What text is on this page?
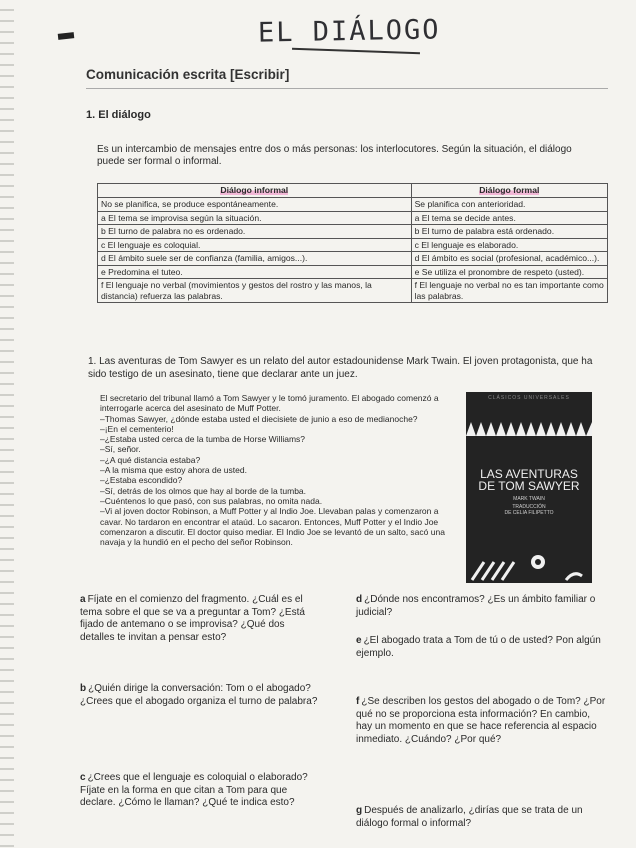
EL DIÁLOGO
Comunicación escrita [Escribir]
1. El diálogo
Es un intercambio de mensajes entre dos o más personas: los interlocutores. Según la situación, el diálogo puede ser formal o informal.
Diálogo informal	Diálogo formal
No se planifica, se produce espontáneamente.	Se planifica con anterioridad.
a El tema se improvisa según la situación.	a El tema se decide antes.
b El turno de palabra no es ordenado.	b El turno de palabra está ordenado.
c El lenguaje es coloquial.	c El lenguaje es elaborado.
d El ámbito suele ser de confianza (familia, amigos...).	d El ámbito es social (profesional, académico...).
e Predomina el tuteo.	e Se utiliza el pronombre de respeto (usted).
f El lenguaje no verbal (movimientos y gestos del rostro y las manos, la distancia) refuerza las palabras.	f El lenguaje no verbal no es tan importante como las palabras.
1. Las aventuras de Tom Sawyer es un relato del autor estadounidense Mark Twain. El joven protagonista, que ha sido testigo de un asesinato, tiene que declarar ante un juez.

El secretario del tribunal llamó a Tom Sawyer y le tomó juramento. El abogado comenzó a interrogarle acerca del asesinato de Muff Potter.

–Thomas Sawyer, ¿dónde estaba usted el diecisiete de junio a eso de medianoche?

–¡En el cementerio!

–¿Estaba usted cerca de la tumba de Horse Williams?

–Sí, señor.

–¿A qué distancia estaba?

–A la misma que estoy ahora de usted.

–¿Estaba escondido?

–Sí, detrás de los olmos que hay al borde de la tumba.

–Cuéntenos lo que pasó, con sus palabras, no omita nada.

–Vi al joven doctor Robinson, a Muff Potter y al Indio Joe. Llevaban palas y comenzaron a cavar. No tardaron en encontrar el ataúd. Lo sacaron. Entonces, Muff Potter y el Indio Joe comenzaron a discutir. El doctor quiso mediar. El Indio Joe se levantó de un salto, sacó una navaja y la hundió en el pecho del señor Robinson.

CLÁSICOS UNIVERSALES
LAS AVENTURAS
DE TOM SAWYER
MARK TWAIN
TRADUCCIÓN
DE CELIA FILIPETTO
a Fíjate en el comienzo del fragmento. ¿Cuál es el tema sobre el que se va a preguntar a Tom? ¿Está fijado de antemano o se improvisa? ¿Qué dos detalles te invitan a pensar esto?
b ¿Quién dirige la conversación: Tom o el abogado? ¿Crees que el abogado organiza el turno de palabra?
c ¿Crees que el lenguaje es coloquial o elaborado? Fíjate en la forma en que citan a Tom para que declare. ¿Cómo le llaman? ¿Qué te indica esto?
d ¿Dónde nos encontramos? ¿Es un ámbito familiar o judicial?
e ¿El abogado trata a Tom de tú o de usted? Pon algún ejemplo.
f ¿Se describen los gestos del abogado o de Tom? ¿Por qué no se proporciona esta información? En cambio, hay un momento en que se hace referencia al espacio inmediato. ¿Cuándo? ¿Por qué?
g Después de analizarlo, ¿dirías que se trata de un diálogo formal o informal?
